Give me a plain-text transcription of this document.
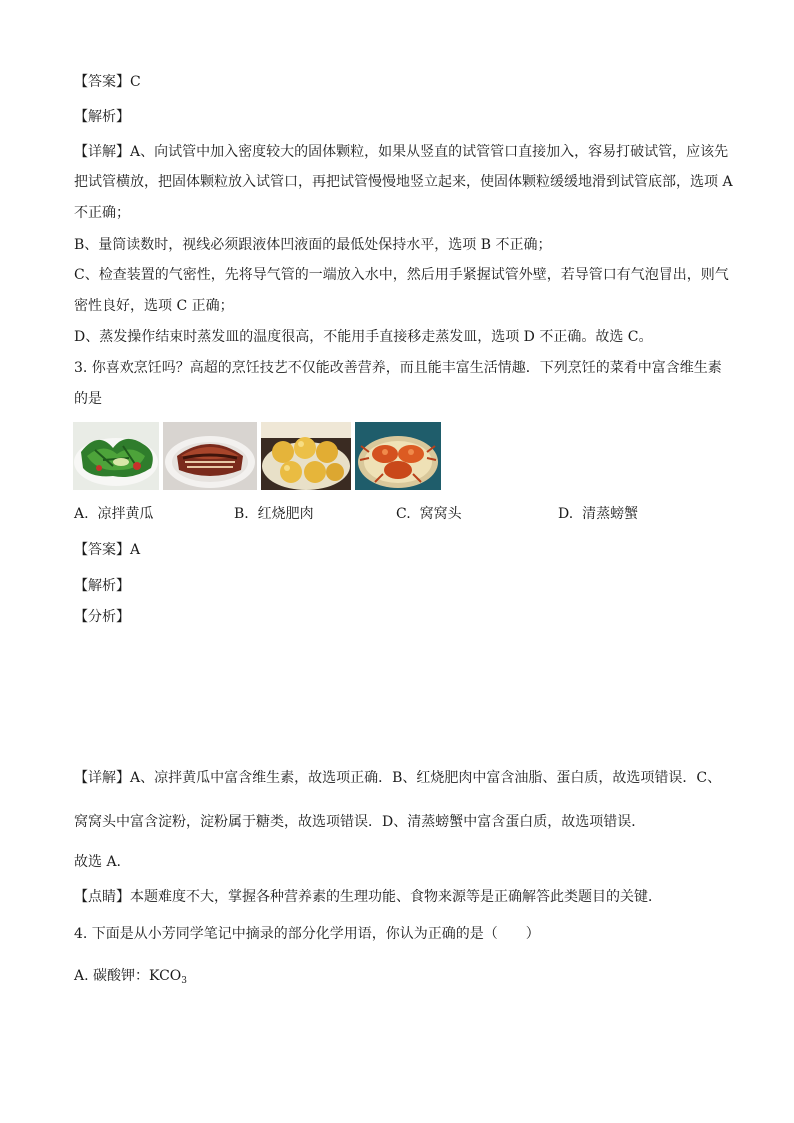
【答案】C
【解析】
【详解】A、向试管中加入密度较大的固体颗粒，如果从竖直的试管管口直接加入，容易打破试管，应该先
把试管横放，把固体颗粒放入试管口，再把试管慢慢地竖立起来，使固体颗粒缓缓地滑到试管底部，选项 A
不正确；
B、量筒读数时，视线必须跟液体凹液面的最低处保持水平，选项 B 不正确；
C、检查装置的气密性，先将导气管的一端放入水中，然后用手紧握试管外壁，若导管口有气泡冒出，则气
密性良好，选项 C 正确；
D、蒸发操作结束时蒸发皿的温度很高，不能用手直接移走蒸发皿，选项 D 不正确。故选 C。
3. 你喜欢烹饪吗？高超的烹饪技艺不仅能改善营养，而且能丰富生活情趣．下列烹饪的菜肴中富含维生素
的是
A. 凉拌黄瓜	B. 红烧肥肉	C. 窝窝头	D. 清蒸螃蟹
【答案】A
【解析】
【分析】
【详解】A、凉拌黄瓜中富含维生素，故选项正确．B、红烧肥肉中富含油脂、蛋白质，故选项错误．C、
窝窝头中富含淀粉，淀粉属于糖类，故选项错误．D、清蒸螃蟹中富含蛋白质，故选项错误．
故选 A.
【点睛】本题难度不大，掌握各种营养素的生理功能、食物来源等是正确解答此类题目的关键．
4. 下面是从小芳同学笔记中摘录的部分化学用语，你认为正确的是（　　）
A. 碳酸钾：$KCO_3$
